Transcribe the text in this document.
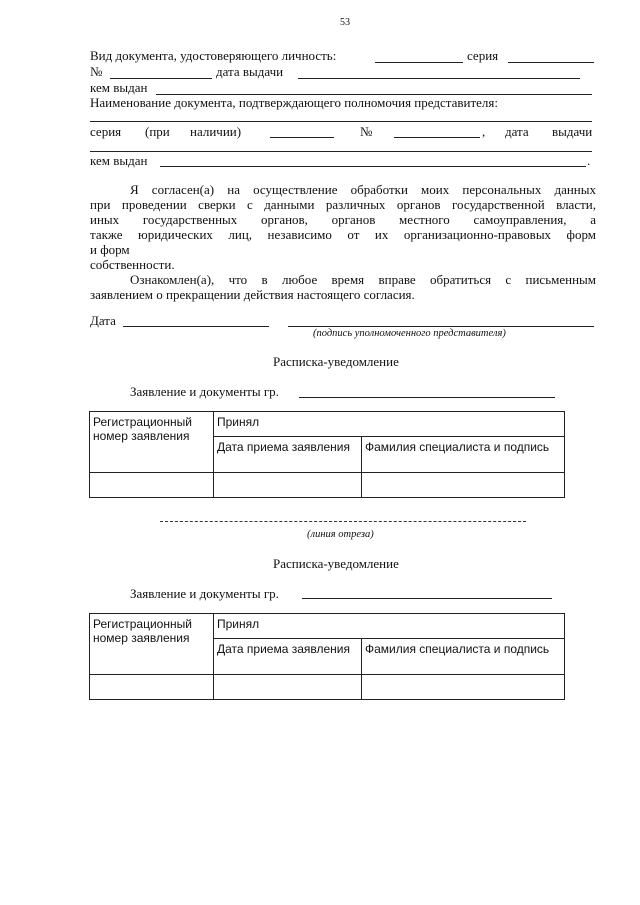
53
Вид документа, удостоверяющего личность:	серия
№	дата выдачи
кем выдан
Наименование документа, подтверждающего полномочия представителя:
серия (при наличии)	№	, дата выдачи
кем выдан	.
Я согласен(а) на осуществление обработки моих персональных данных
при проведении сверки с данными различных органов государственной власти,
иных государственных органов, органов местного самоуправления, а
также юридических лиц, независимо от их организационно-правовых форм
и форм
собственности.
Ознакомлен(а), что в любое время вправе обратиться с письменным
заявлением о прекращении действия настоящего согласия.
Дата
(подпись уполномоченного представителя)
Расписка-уведомление
Заявление и документы гр.
Регистрационный номер заявления	Принял	
	Дата приема заявления	Фамилия специалиста и подпись

(линия отреза)
Расписка-уведомление
Заявление и документы гр.
Регистрационный номер заявления	Принял	
	Дата приема заявления	Фамилия специалиста и подпись
